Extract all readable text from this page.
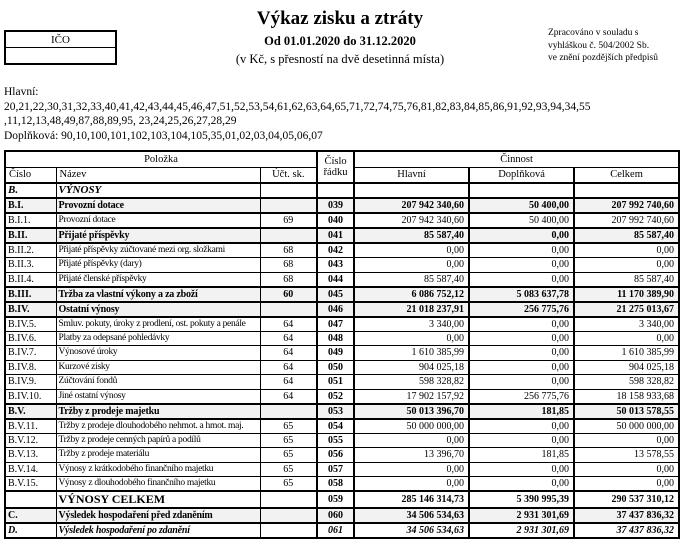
IČO
Výkaz zisku a ztráty
Od 01.01.2020 do 31.12.2020
(v Kč, s přesností na dvě desetinná místa)
Zpracováno v souladu s
vyhláškou č. 504/2002 Sb.
ve znění pozdějších předpisů
Hlavní:
20,21,22,30,31,32,33,40,41,42,43,44,45,46,47,51,52,53,54,61,62,63,64,65,71,72,74,75,76,81,82,83,84,85,86,91,92,93,94,34,55
,11,12,13,48,49,87,88,89,95, 23,24,25,26,27,28,29
Doplňková: 90,10,100,101,102,103,104,105,35,01,02,03,04,05,06,07
Položka			Číslo řádku	Činnost		
Číslo	Název	Účt. sk.		Hlavní	Doplňková	Celkem
B.	VÝNOSY					
B.I.	Provozní dotace		039	207 942 340,60	50 400,00	207 992 740,60
B.I.1.	Provozní dotace	69	040	207 942 340,60	50 400,00	207 992 740,60
B.II.	Přijaté příspěvky		041	85 587,40	0,00	85 587,40
B.II.2.	Přijaté příspěvky zúčtované mezi org. složkami	68	042	0,00	0,00	0,00
B.II.3.	Přijaté příspěvky (dary)	68	043	0,00	0,00	0,00
B.II.4.	Přijaté členské příspěvky	68	044	85 587,40	0,00	85 587,40
B.III.	Tržba za vlastní výkony a za zboží	60	045	6 086 752,12	5 083 637,78	11 170 389,90
B.IV.	Ostatní výnosy		046	21 018 237,91	256 775,76	21 275 013,67
B.IV.5.	Smluv. pokuty, úroky z prodlení, ost. pokuty a penále	64	047	3 340,00	0,00	3 340,00
B.IV.6.	Platby za odepsané pohledávky	64	048	0,00	0,00	0,00
B.IV.7.	Výnosové úroky	64	049	1 610 385,99	0,00	1 610 385,99
B.IV.8.	Kurzové zisky	64	050	904 025,18	0,00	904 025,18
B.IV.9.	Zúčtování fondů	64	051	598 328,82	0,00	598 328,82
B.IV.10.	Jiné ostatní výnosy	64	052	17 902 157,92	256 775,76	18 158 933,68
B.V.	Tržby z prodeje majetku		053	50 013 396,70	181,85	50 013 578,55
B.V.11.	Tržby z prodeje dlouhodobého nehmot. a hmot. maj.	65	054	50 000 000,00	0,00	50 000 000,00
B.V.12.	Tržby z prodeje cenných papírů a podílů	65	055	0,00	0,00	0,00
B.V.13.	Tržby z prodeje materiálu	65	056	13 396,70	181,85	13 578,55
B.V.14.	Výnosy z krátkodobého finančního majetku	65	057	0,00	0,00	0,00
B.V.15.	Výnosy z dlouhodobého finančního majetku	65	058	0,00	0,00	0,00
	VÝNOSY CELKEM		059	285 146 314,73	5 390 995,39	290 537 310,12
C.	Výsledek hospodaření před zdaněním		060	34 506 534,63	2 931 301,69	37 437 836,32
D.	Výsledek hospodaření po zdanění		061	34 506 534,63	2 931 301,69	37 437 836,32
